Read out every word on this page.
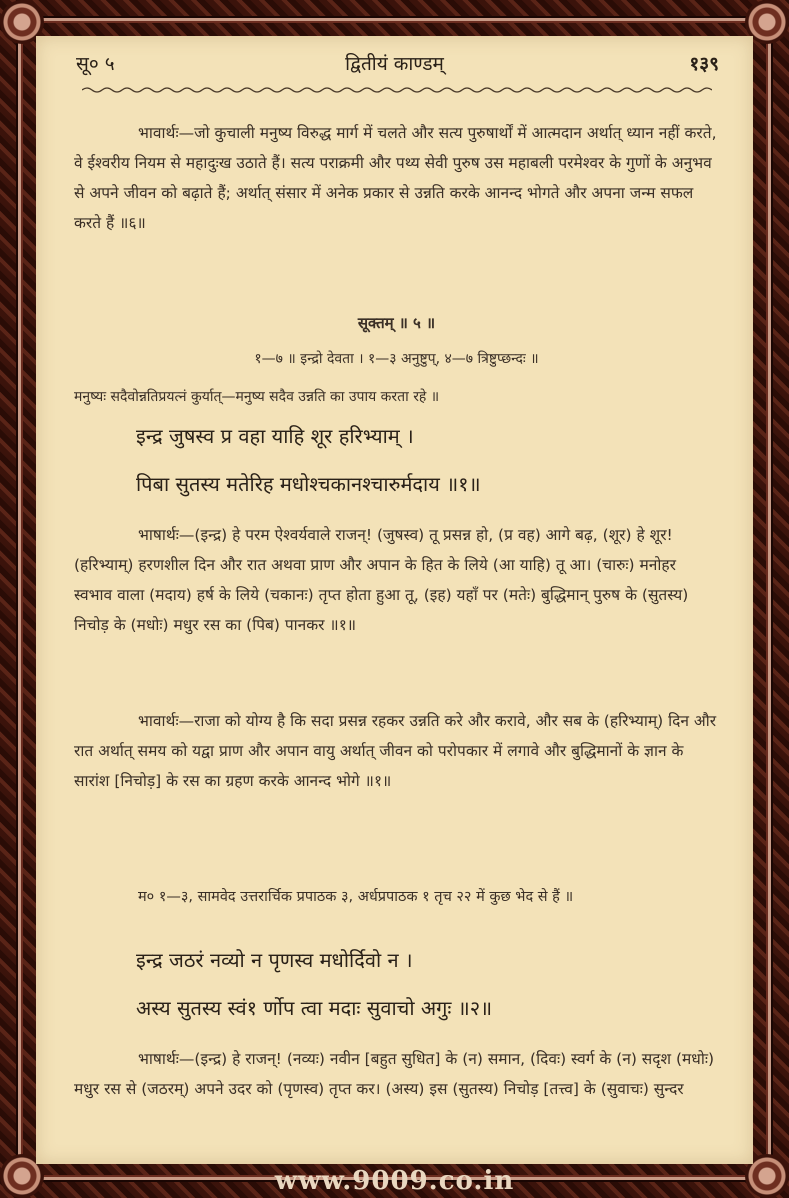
सू० ५	द्वितीयं काण्डम्	१३९
भावार्थः—जो कुचाली मनुष्य विरुद्ध मार्ग में चलते और सत्य पुरुषार्थों में आत्मदान अर्थात् ध्यान नहीं करते, वे ईश्वरीय नियम से महादुःख उठाते हैं। सत्य पराक्रमी और पथ्य सेवी पुरुष उस महाबली परमेश्वर के गुणों के अनुभव से अपने जीवन को बढ़ाते हैं; अर्थात् संसार में अनेक प्रकार से उन्नति करके आनन्द भोगते और अपना जन्म सफल करते हैं ॥६॥
सूक्तम् ॥ ५ ॥
१—७ ॥ इन्द्रो देवता । १—३ अनुष्टुप्, ४—७ त्रिष्टुप्छन्दः ॥
मनुष्यः सदैवोन्नतिप्रयत्नं कुर्यात्—मनुष्य सदैव उन्नति का उपाय करता रहे ॥
इन्द्र जुषस्व प्र वहा याहि शूर हरिभ्याम् ।
पिबा सुतस्य मतेरिह मधोश्चकानश्चारुर्मदाय ॥१॥
भाषार्थः—(इन्द्र) हे परम ऐश्वर्यवाले राजन्! (जुषस्व) तू प्रसन्न हो, (प्र वह) आगे बढ़, (शूर) हे शूर! (हरिभ्याम्) हरणशील दिन और रात अथवा प्राण और अपान के हित के लिये (आ याहि) तू आ। (चारुः) मनोहर स्वभाव वाला (मदाय) हर्ष के लिये (चकानः) तृप्त होता हुआ तू, (इह) यहाँ पर (मतेः) बुद्धिमान् पुरुष के (सुतस्य) निचोड़ के (मधोः) मधुर रस का (पिब) पानकर ॥१॥
भावार्थः—राजा को योग्य है कि सदा प्रसन्न रहकर उन्नति करे और करावे, और सब के (हरिभ्याम्) दिन और रात अर्थात् समय को यद्वा प्राण और अपान वायु अर्थात् जीवन को परोपकार में लगावे और बुद्धिमानों के ज्ञान के सारांश [निचोड़] के रस का ग्रहण करके आनन्द भोगे ॥१॥
म० १—३, सामवेद उत्तरार्चिक प्रपाठक ३, अर्धप्रपाठक १ तृच २२ में कुछ भेद से हैं ॥
इन्द्र जठरं नव्यो न पृणस्व मधोर्दिवो न ।
अस्य सुतस्य स्वं१ र्णोप त्वा मदाः सुवाचो अगुः ॥२॥
भाषार्थः—(इन्द्र) हे राजन्! (नव्यः) नवीन [बहुत सुधित] के (न) समान, (दिवः) स्वर्ग के (न) सदृश (मधोः) मधुर रस से (जठरम्) अपने उदर को (पृणस्व) तृप्त कर। (अस्य) इस (सुतस्य) निचोड़ [तत्त्व] के (सुवाचः) सुन्दर
www.9009.co.in
